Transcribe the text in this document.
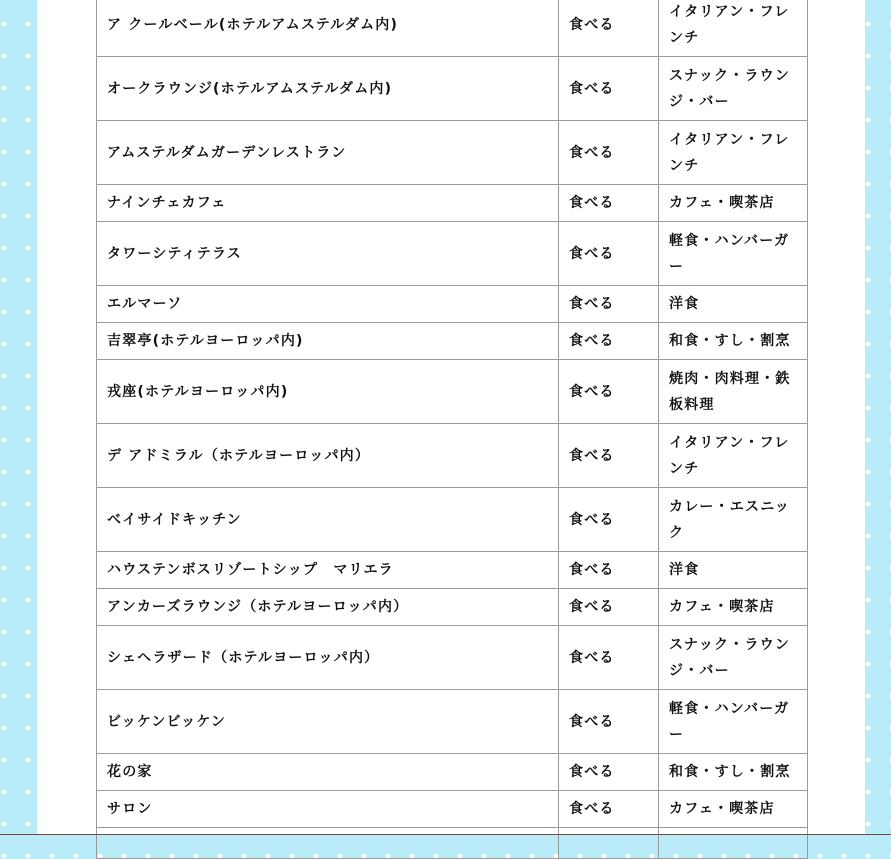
ア クールベール(ホテルアムステルダム内)	食べる	イタリアン・フレンチ
オークラウンジ(ホテルアムステルダム内)	食べる	スナック・ラウンジ・バー
アムステルダムガーデンレストラン	食べる	イタリアン・フレンチ
ナインチェカフェ	食べる	カフェ・喫茶店
タワーシティテラス	食べる	軽食・ハンバーガー
エルマーソ	食べる	洋食
吉翠亭(ホテルヨーロッパ内)	食べる	和食・すし・割烹
戎座(ホテルヨーロッパ内)	食べる	焼肉・肉料理・鉄板料理
デ アドミラル（ホテルヨーロッパ内）	食べる	イタリアン・フレンチ
ベイサイドキッチン	食べる	カレー・エスニック
ハウステンボスリゾートシップ　マリエラ	食べる	洋食
アンカーズラウンジ（ホテルヨーロッパ内）	食べる	カフェ・喫茶店
シェヘラザード（ホテルヨーロッパ内）	食べる	スナック・ラウンジ・バー
ビッケンビッケン	食べる	軽食・ハンバーガー
花の家	食べる	和食・すし・割烹
サロン	食べる	カフェ・喫茶店
